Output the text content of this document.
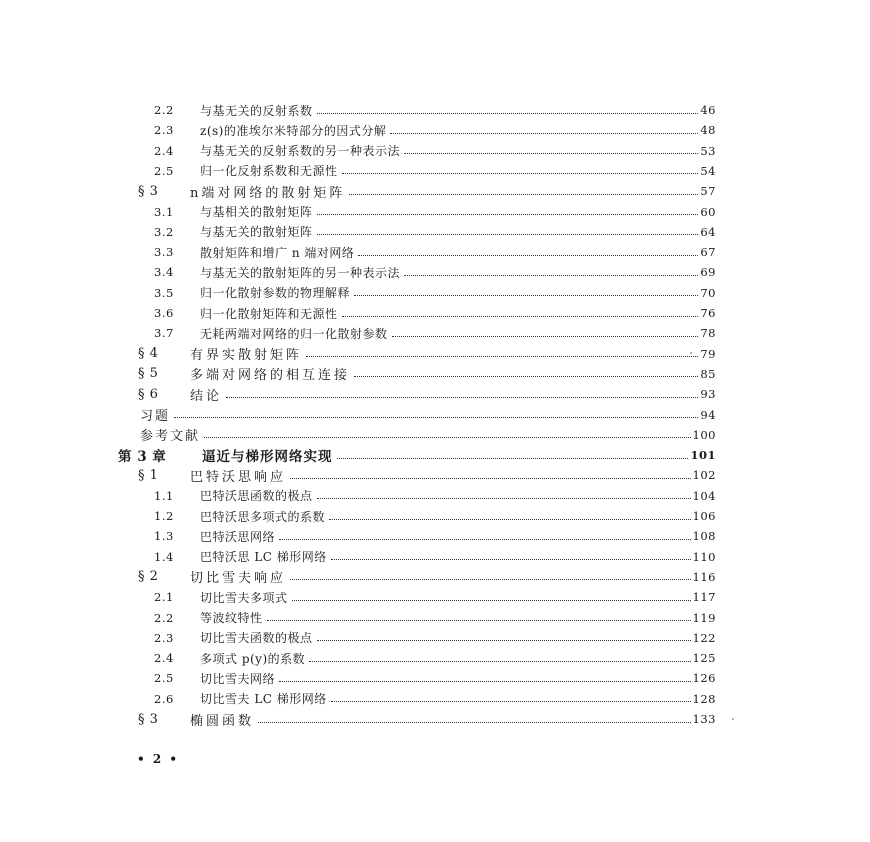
2.2	与基无关的反射系数	46
2.3	z(s)的准埃尔米特部分的因式分解	48
2.4	与基无关的反射系数的另一种表示法	53
2.5	归一化反射系数和无源性	54
§ 3	n端对网络的散射矩阵	57
3.1	与基相关的散射矩阵	60
3.2	与基无关的散射矩阵	64
3.3	散射矩阵和增广 n 端对网络	67
3.4	与基无关的散射矩阵的另一种表示法	69
3.5	归一化散射参数的物理解释	70
3.6	归一化散射矩阵和无源性	76
3.7	无耗两端对网络的归一化散射参数	78
§ 4	有界实散射矩阵	79
§ 5	多端对网络的相互连接	85
§ 6	结论	93
习题	94
参考文献	100
第 3 章	逼近与梯形网络实现	101
§ 1	巴特沃思响应	102
1.1	巴特沃思函数的极点	104
1.2	巴特沃思多项式的系数	106
1.3	巴特沃思网络	108
1.4	巴特沃思 LC 梯形网络	110
§ 2	切比雪夫响应	116
2.1	切比雪夫多项式	117
2.2	等波纹特性	119
2.3	切比雪夫函数的极点	122
2.4	多项式 p(y)的系数	125
2.5	切比雪夫网络	126
2.6	切比雪夫 LC 梯形网络	128
§ 3	椭圆函数	133
• 2 •
